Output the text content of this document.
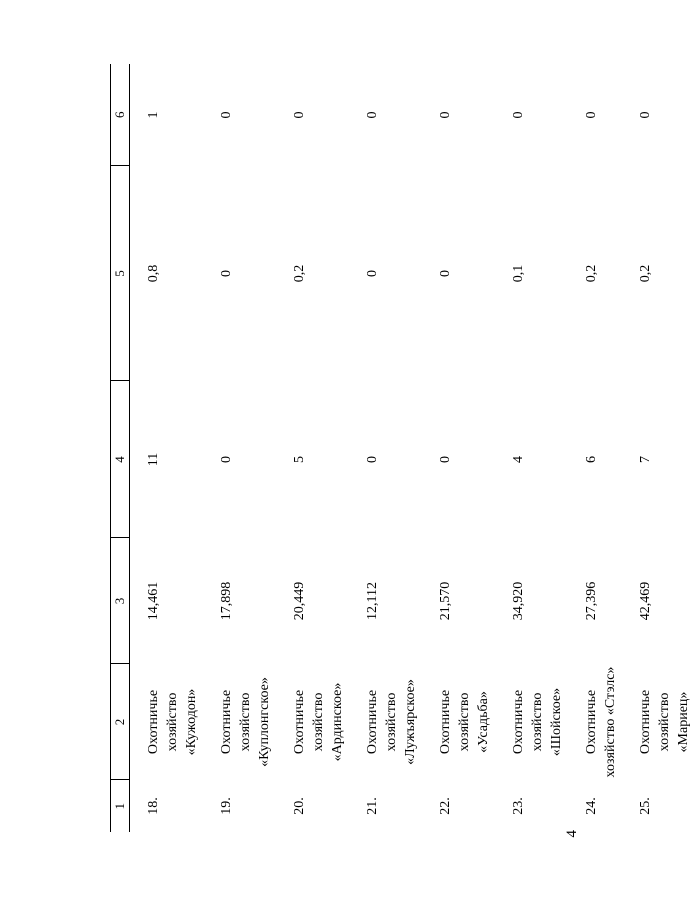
4
1	2	3	4	5	6
18.	Охотничье хозяйство «Кужодон»	14,461	11	0,8	1
19.	Охотничье хозяйство «Куплонгское»	17,898	0	0	0
20.	Охотничье хозяйство «Ардинское»	20,449	5	0,2	0
21.	Охотничье хозяйство «Лужъярское»	12,112	0	0	0
22.	Охотничье хозяйство «Усадьба»	21,570	0	0	0
23.	Охотничье хозяйство «Шойское»	34,920	4	0,1	0
24.	Охотничье хозяйство «Стэлс»	27,396	6	0,2	0
25.	Охотничье хозяйство «Мариец»	42,469	7	0,2	0
